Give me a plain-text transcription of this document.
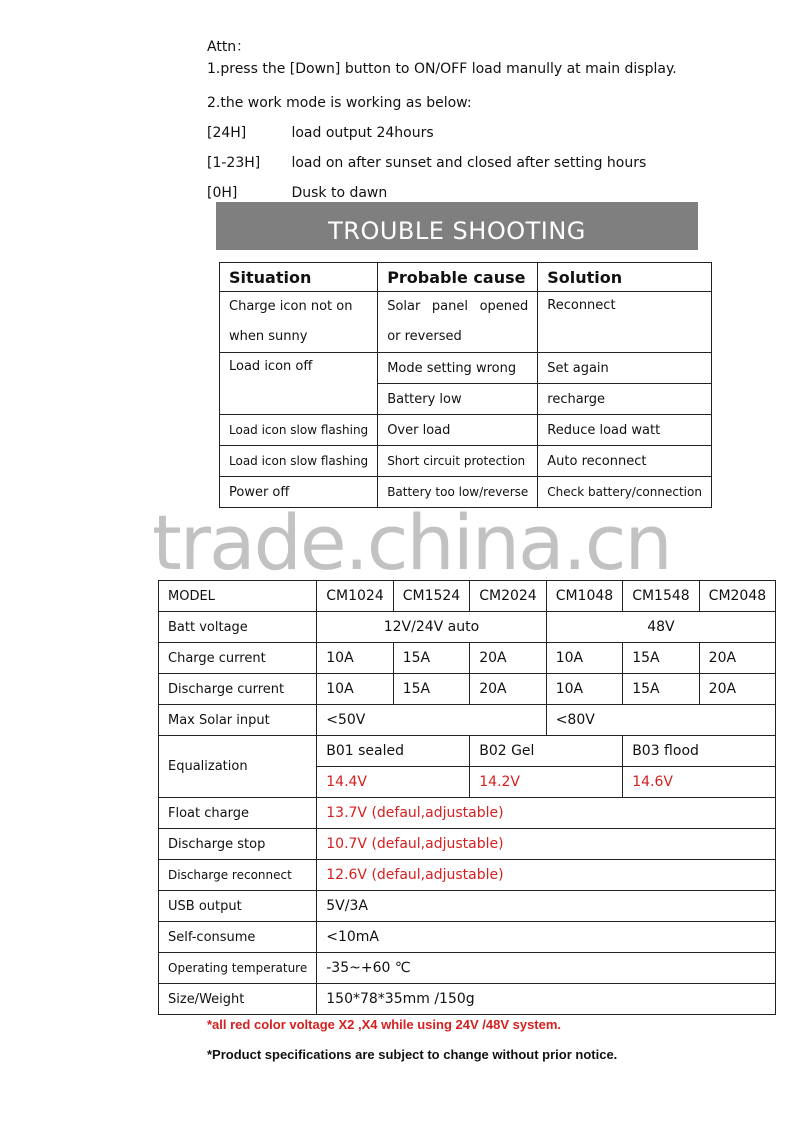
Attn：
1.press the [Down] button to ON/OFF load manully at main display.
2.the work mode is working as below:
[24H]	load output 24hours
[1-23H] load on after sunset and closed after setting hours
[0H]	Dusk to dawn
TROUBLE SHOOTING
Situation	Probable cause	Solution
Charge icon not on when sunny	Solar panel opened or reversed	Reconnect
Load icon off	Mode setting wrong	Set again
	Battery low	recharge
Load icon slow flashing	Over load	Reduce load watt
Load icon slow flashing	Short circuit protection	Auto reconnect
Power off	Battery too low/reverse	Check battery/connection
trade.china.cn
MODEL	CM1024	CM1524	CM2024	CM1048	CM1548	CM2048
Batt voltage	12V/24V auto			48V		
Charge current	10A	15A	20A	10A	15A	20A
Discharge current	10A	15A	20A	10A	15A	20A
Max Solar input	<50V			<80V		
Equalization	B01 sealed		B02 Gel		B03 flood	
	14.4V		14.2V		14.6V	
Float charge	13.7V (defaul,adjustable)					
Discharge stop	10.7V (defaul,adjustable)					
Discharge reconnect	12.6V (defaul,adjustable)					
USB output	5V/3A					
Self-consume	<10mA					
Operating temperature	-35~+60 ℃					
Size/Weight	150*78*35mm /150g					
*all red color voltage X2 ,X4 while using 24V /48V system.
*Product specifications are subject to change without prior notice.
